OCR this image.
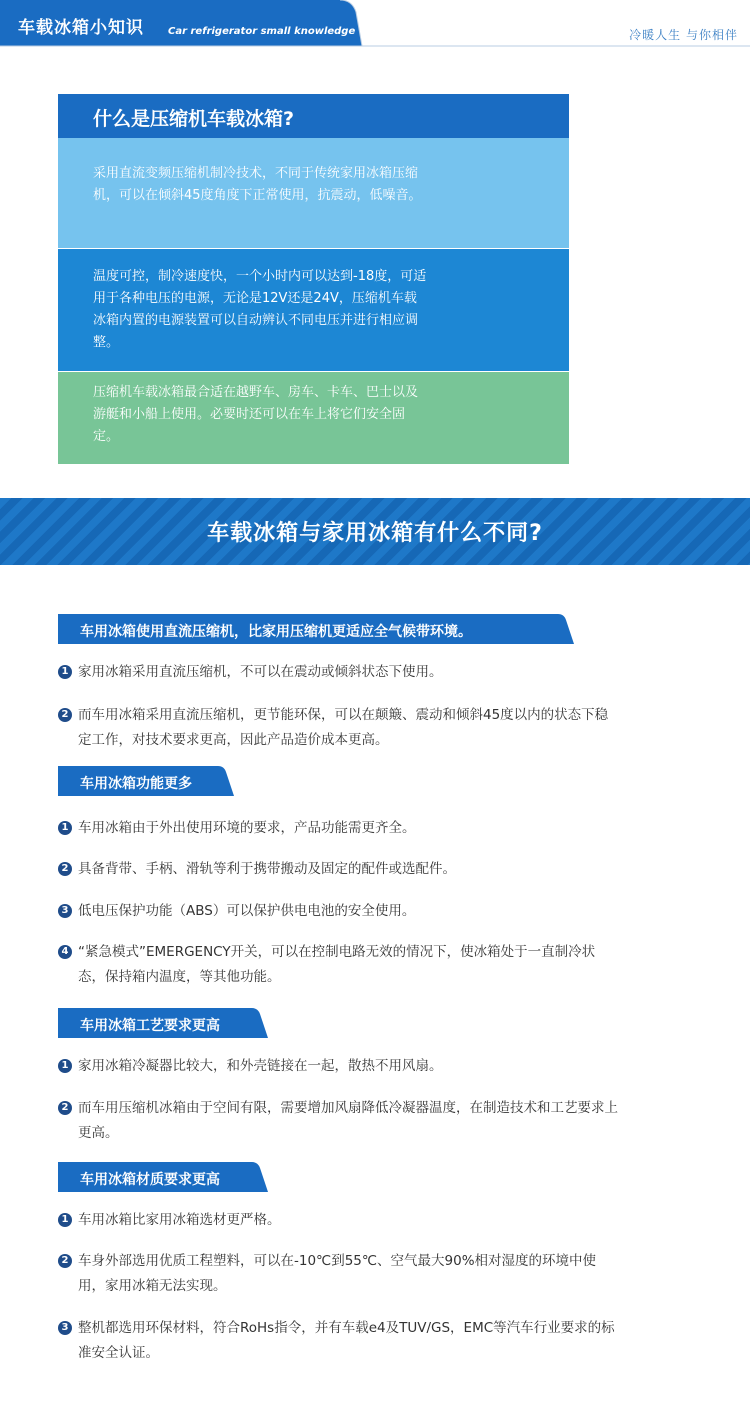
车载冰箱小知识 Car refrigerator small knowledge	冷暖人生 与你相伴
什么是压缩机车载冰箱?
采用直流变频压缩机制冷技术，不同于传统家用冰箱压缩机，可以在倾斜45度角度下正常使用，抗震动，低噪音。
温度可控，制冷速度快，一个小时内可以达到-18度，可适用于各种电压的电源，无论是12V还是24V，压缩机车载冰箱内置的电源装置可以自动辨认不同电压并进行相应调整。
压缩机车载冰箱最合适在越野车、房车、卡车、巴士以及游艇和小船上使用。必要时还可以在车上将它们安全固定。
车载冰箱与家用冰箱有什么不同?
车用冰箱使用直流压缩机，比家用压缩机更适应全气候带环境。
1 家用冰箱采用直流压缩机，不可以在震动或倾斜状态下使用。
2 而车用冰箱采用直流压缩机，更节能环保，可以在颠簸、震动和倾斜45度以内的状态下稳定工作，对技术要求更高，因此产品造价成本更高。
车用冰箱功能更多
1 车用冰箱由于外出使用环境的要求，产品功能需更齐全。
2 具备背带、手柄、滑轨等利于携带搬动及固定的配件或选配件。
3 低电压保护功能（ABS）可以保护供电电池的安全使用。
4 “紧急模式”EMERGENCY开关，可以在控制电路无效的情况下，使冰箱处于一直制冷状态，保持箱内温度，等其他功能。
车用冰箱工艺要求更高
1 家用冰箱冷凝器比较大，和外壳链接在一起，散热不用风扇。
2 而车用压缩机冰箱由于空间有限，需要增加风扇降低冷凝器温度，在制造技术和工艺要求上更高。
车用冰箱材质要求更高
1 车用冰箱比家用冰箱选材更严格。
2 车身外部选用优质工程塑料，可以在-10℃到55℃、空气最大90%相对湿度的环境中使用，家用冰箱无法实现。
3 整机都选用环保材料，符合RoHs指令，并有车载e4及TUV/GS，EMC等汽车行业要求的标准安全认证。
